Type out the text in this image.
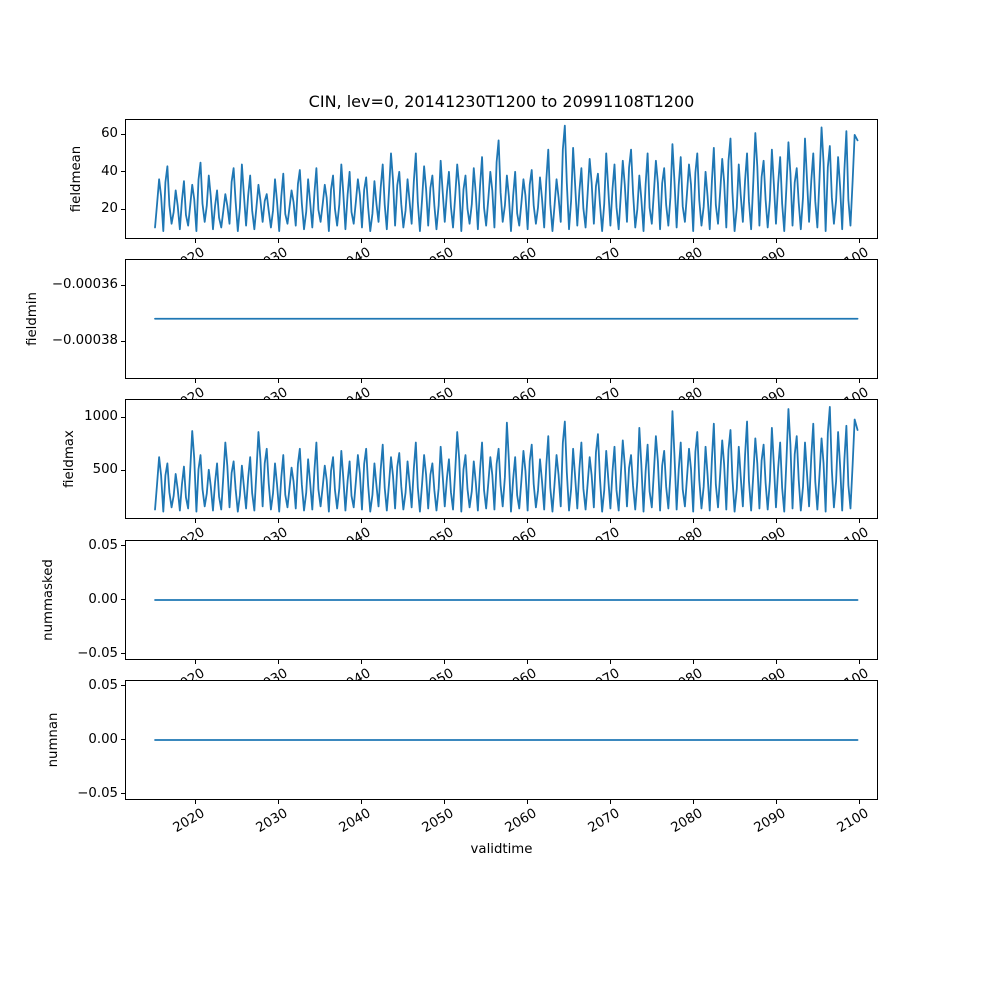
CIN, lev=0, 20141230T1200 to 20991108T1200
validtime
fieldmean	20
40
60
fieldmin
−0.00036
−0.00038
fieldmax	500
1000
nummasked
0.05
0.00
−0.05
numnan
0.05
0.00
−0.05
2020	2030	2040	2050	2060	2070	2080	2090	2100
